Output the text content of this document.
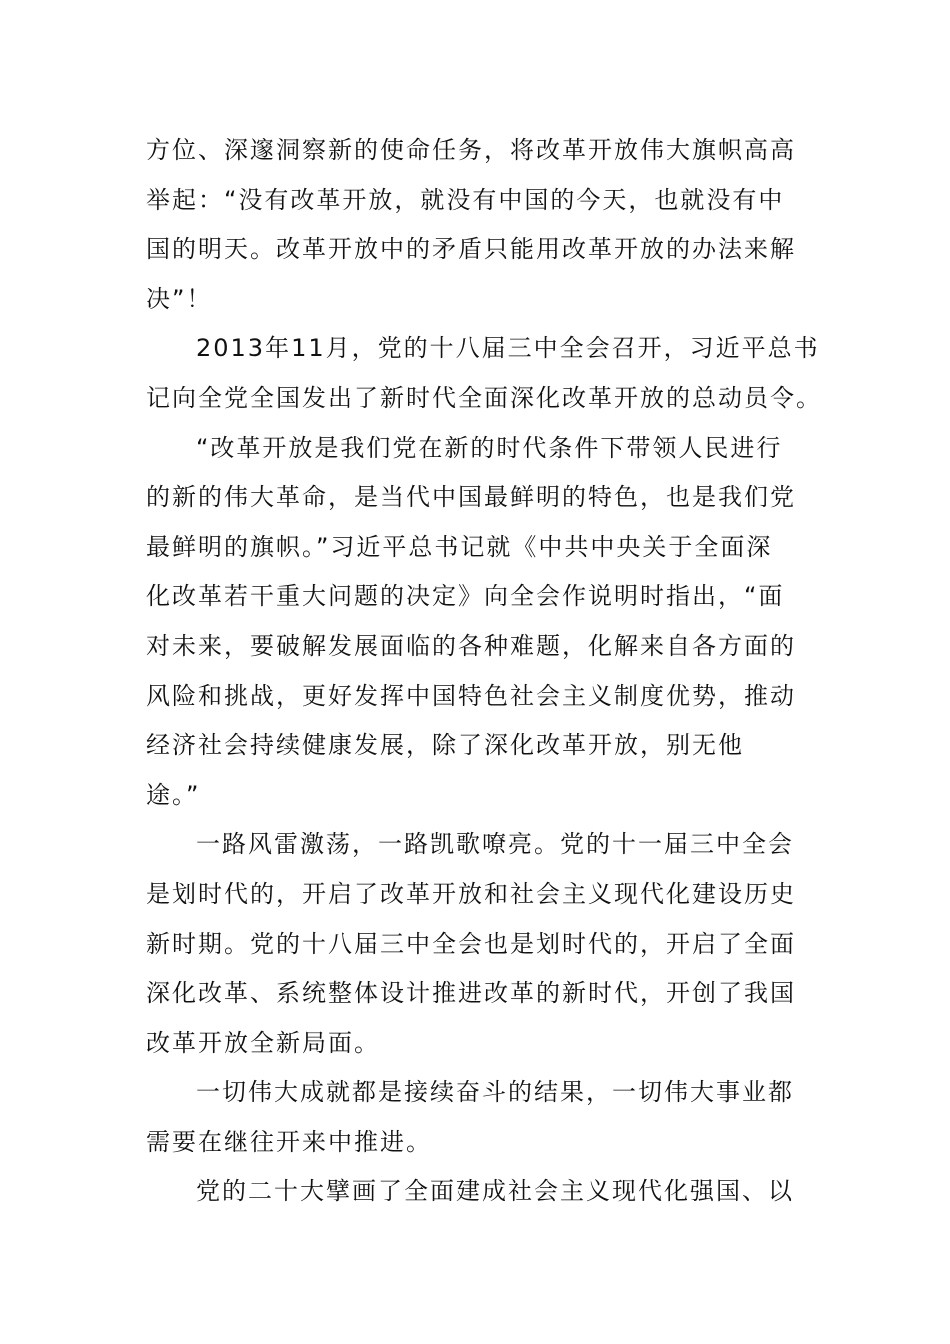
方位、深邃洞察新的使命任务，将改革开放伟大旗帜高高
举起：“没有改革开放，就没有中国的今天，也就没有中
国的明天。改革开放中的矛盾只能用改革开放的办法来解
决”！
2013年11月，党的十八届三中全会召开，习近平总书
记向全党全国发出了新时代全面深化改革开放的总动员令。
“改革开放是我们党在新的时代条件下带领人民进行
的新的伟大革命，是当代中国最鲜明的特色，也是我们党
最鲜明的旗帜。”习近平总书记就《中共中央关于全面深
化改革若干重大问题的决定》向全会作说明时指出，“面
对未来，要破解发展面临的各种难题，化解来自各方面的
风险和挑战，更好发挥中国特色社会主义制度优势，推动
经济社会持续健康发展，除了深化改革开放，别无他
途。”
一路风雷激荡，一路凯歌嘹亮。党的十一届三中全会
是划时代的，开启了改革开放和社会主义现代化建设历史
新时期。党的十八届三中全会也是划时代的，开启了全面
深化改革、系统整体设计推进改革的新时代，开创了我国
改革开放全新局面。
一切伟大成就都是接续奋斗的结果，一切伟大事业都
需要在继往开来中推进。
党的二十大擘画了全面建成社会主义现代化强国、以
